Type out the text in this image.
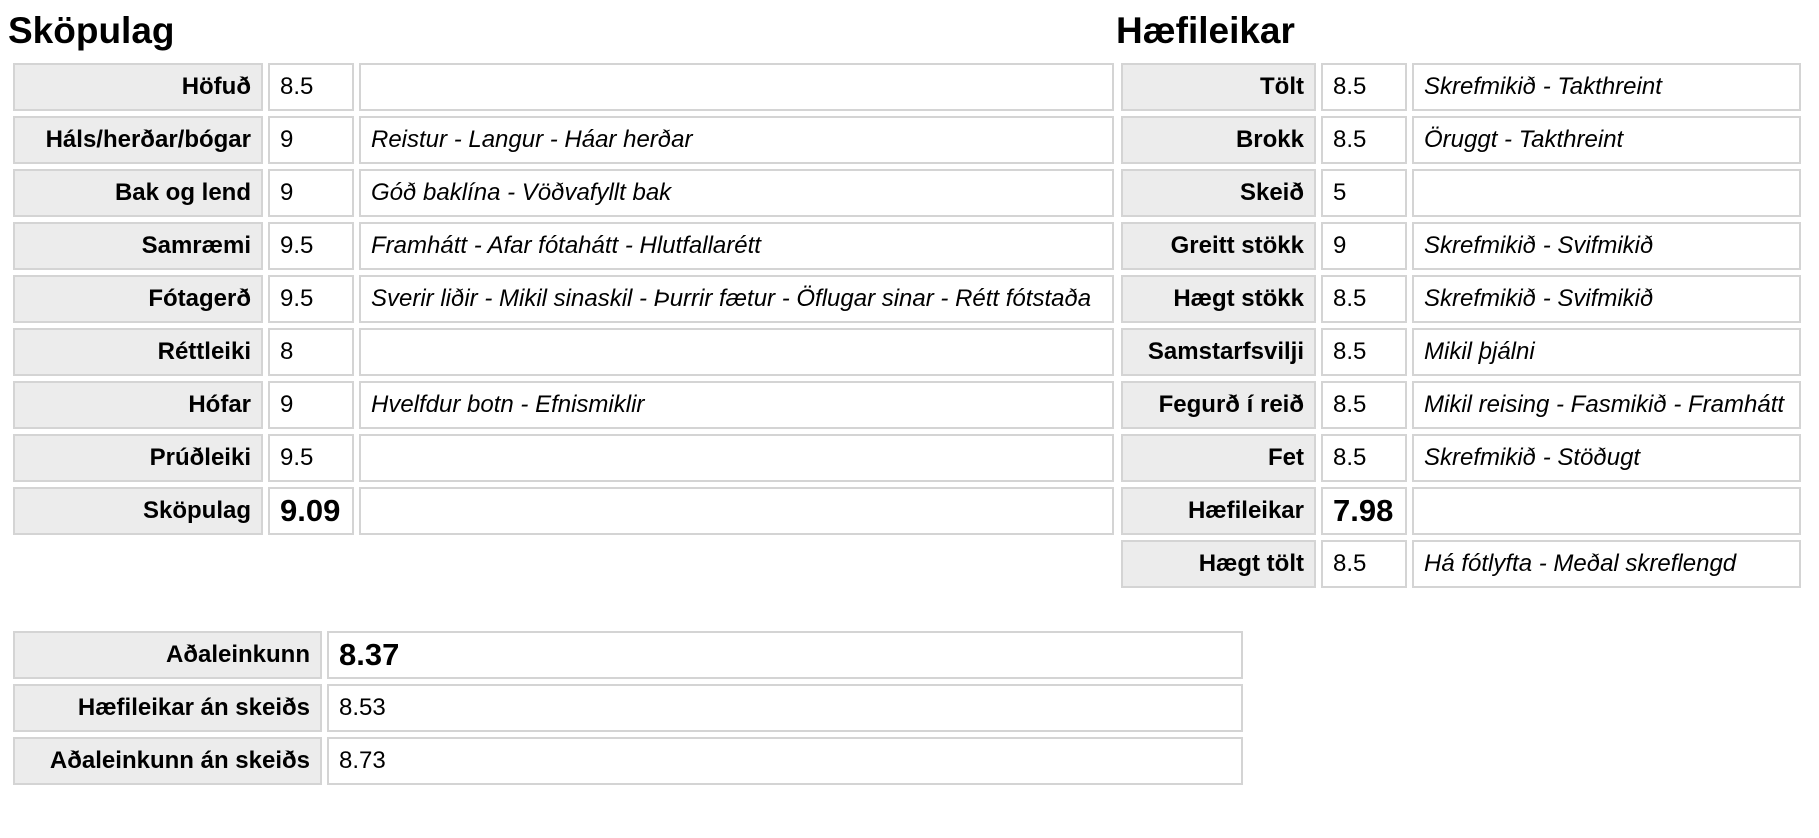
Sköpulag
Höfuð	8.5	
Háls/herðar/bógar	9	Reistur - Langur - Háar herðar
Bak og lend	9	Góð baklína - Vöðvafyllt bak
Samræmi	9.5	Framhátt - Afar fótahátt - Hlutfallarétt
Fótagerð	9.5	Sverir liðir - Mikil sinaskil - Þurrir fætur - Öflugar sinar - Rétt fótstaða
Réttleiki	8	
Hófar	9	Hvelfdur botn - Efnismiklir
Prúðleiki	9.5	
Sköpulag	9.09	
Hæfileikar
Tölt	8.5	Skrefmikið - Takthreint
Brokk	8.5	Öruggt - Takthreint
Skeið	5	
Greitt stökk	9	Skrefmikið - Svifmikið
Hægt stökk	8.5	Skrefmikið - Svifmikið
Samstarfsvilji	8.5	Mikil þjálni
Fegurð í reið	8.5	Mikil reising - Fasmikið - Framhátt
Fet	8.5	Skrefmikið - Stöðugt
Hæfileikar	7.98	
Hægt tölt	8.5	Há fótlyfta - Meðal skreflengd
Aðaleinkunn	8.37
Hæfileikar án skeiðs	8.53
Aðaleinkunn án skeiðs	8.73
